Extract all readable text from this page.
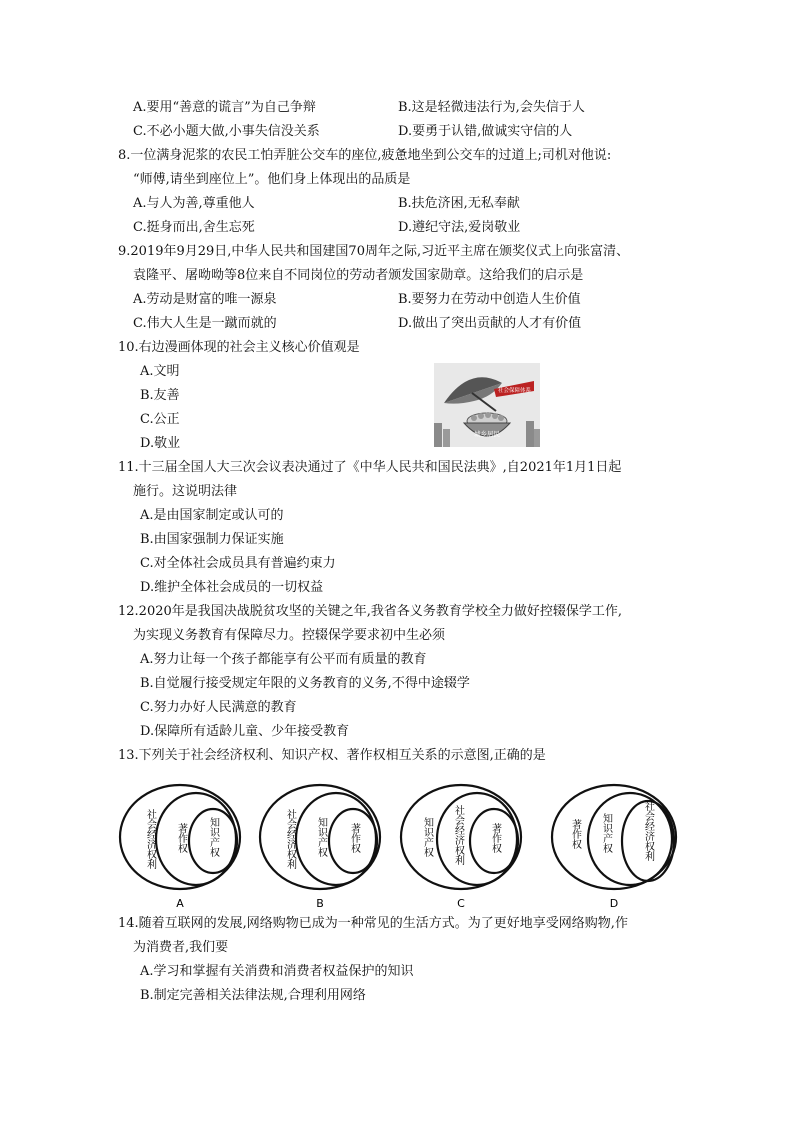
A.要用“善意的谎言”为自己争辩	B.这是轻微违法行为,会失信于人
C.不必小题大做,小事失信没关系	D.要勇于认错,做诚实守信的人
8.一位满身泥浆的农民工怕弄脏公交车的座位,疲惫地坐到公交车的过道上;司机对他说:
“师傅,请坐到座位上”。他们身上体现出的品质是
A.与人为善,尊重他人	B.扶危济困,无私奉献
C.挺身而出,舍生忘死	D.遵纪守法,爱岗敬业
9.2019年9月29日,中华人民共和国建国70周年之际,习近平主席在颁奖仪式上向张富清、
袁隆平、屠呦呦等8位来自不同岗位的劳动者颁发国家勋章。这给我们的启示是
A.劳动是财富的唯一源泉	B.要努力在劳动中创造人生价值
C.伟大人生是一蹴而就的	D.做出了突出贡献的人才有价值
10.右边漫画体现的社会主义核心价值观是
A.文明
B.友善
C.公正
D.敬业
社会保障体系
城乡居民
11.十三届全国人大三次会议表决通过了《中华人民共和国民法典》,自2021年1月1日起
施行。这说明法律
A.是由国家制定或认可的
B.由国家强制力保证实施
C.对全体社会成员具有普遍约束力
D.维护全体社会成员的一切权益
12.2020年是我国决战脱贫攻坚的关键之年,我省各义务教育学校全力做好控辍保学工作,
为实现义务教育有保障尽力。控辍保学要求初中生必须
A.努力让每一个孩子都能享有公平而有质量的教育
B.自觉履行接受规定年限的义务教育的义务,不得中途辍学
C.努力办好人民满意的教育
D.保障所有适龄儿童、少年接受教育
13.下列关于社会经济权利、知识产权、著作权相互关系的示意图,正确的是
社会经济权利 著作权 知识产权
A
社会经济权利 知识产权 著作权
B
知识产权 社会经济权利	著作权
C
著作权 知识产权	社会经济权利
D
14.随着互联网的发展,网络购物已成为一种常见的生活方式。为了更好地享受网络购物,作
为消费者,我们要
A.学习和掌握有关消费和消费者权益保护的知识
B.制定完善相关法律法规,合理利用网络
